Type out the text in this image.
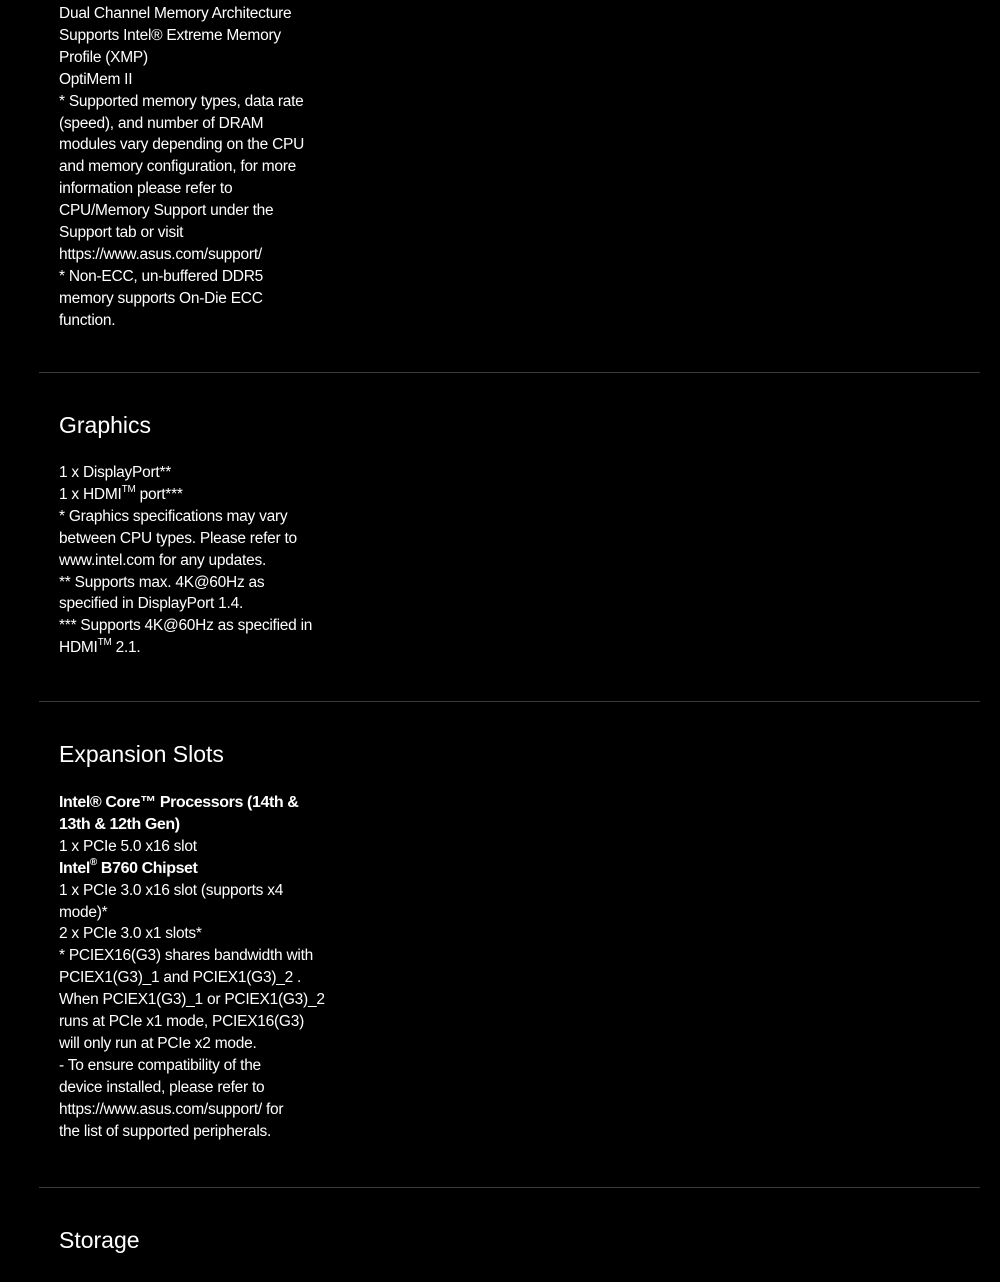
Dual Channel Memory Architecture
Supports Intel® Extreme Memory
Profile (XMP)
OptiMem II
* Supported memory types, data rate
(speed), and number of DRAM
modules vary depending on the CPU
and memory configuration, for more
information please refer to
CPU/Memory Support under the
Support tab or visit
https://www.asus.com/support/
* Non-ECC, un-buffered DDR5
memory supports On-Die ECC
function.
Graphics
1 x DisplayPort**
1 x HDMI™ port***
* Graphics specifications may vary
between CPU types. Please refer to
www.intel.com for any updates.
** Supports max. 4K@60Hz as
specified in DisplayPort 1.4.
*** Supports 4K@60Hz as specified in
HDMI™ 2.1.
Expansion Slots
Intel® Core™ Processors (14th &
13th & 12th Gen)
1 x PCIe 5.0 x16 slot
Intel® B760 Chipset
1 x PCIe 3.0 x16 slot (supports x4
mode)*
2 x PCIe 3.0 x1 slots*
* PCIEX16(G3) shares bandwidth with
PCIEX1(G3)_1 and PCIEX1(G3)_2 .
When PCIEX1(G3)_1 or PCIEX1(G3)_2
runs at PCIe x1 mode, PCIEX16(G3)
will only run at PCIe x2 mode.
- To ensure compatibility of the
device installed, please refer to
https://www.asus.com/support/ for
the list of supported peripherals.
Storage
